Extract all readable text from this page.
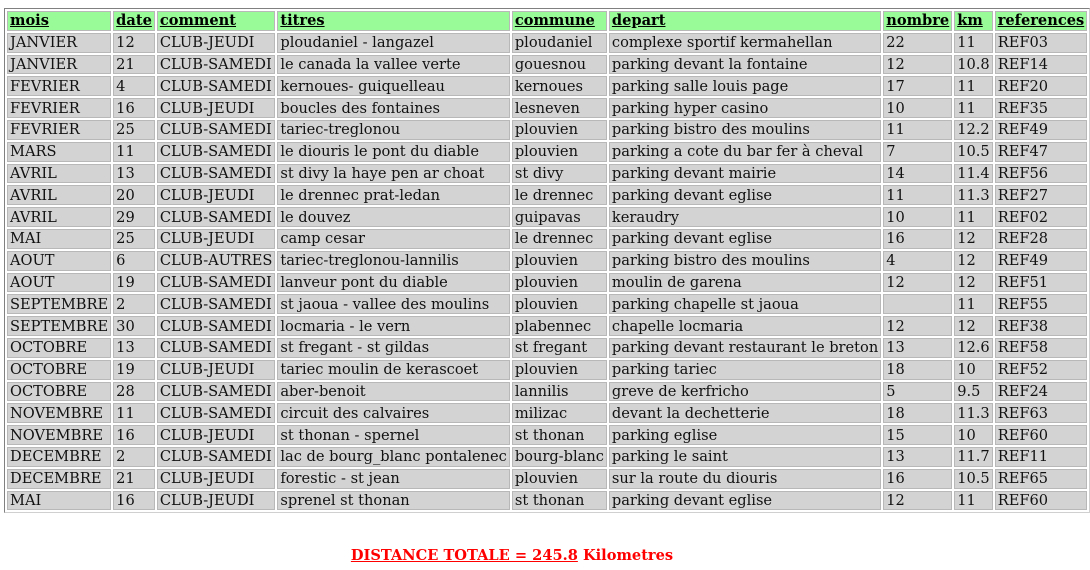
mois	date	comment	titres	commune	depart	nombre	km	references
JANVIER	12	CLUB-JEUDI	ploudaniel - langazel	ploudaniel	complexe sportif kermahellan	22	11	REF03
JANVIER	21	CLUB-SAMEDI	le canada la vallee verte	gouesnou	parking devant la fontaine	12	10.8	REF14
FEVRIER	4	CLUB-SAMEDI	kernoues- guiquelleau	kernoues	parking salle louis page	17	11	REF20
FEVRIER	16	CLUB-JEUDI	boucles des fontaines	lesneven	parking hyper casino	10	11	REF35
FEVRIER	25	CLUB-SAMEDI	tariec-treglonou	plouvien	parking bistro des moulins	11	12.2	REF49
MARS	11	CLUB-SAMEDI	le diouris le pont du diable	plouvien	parking a cote du bar fer à cheval	7	10.5	REF47
AVRIL	13	CLUB-SAMEDI	st divy la haye pen ar choat	st divy	parking devant mairie	14	11.4	REF56
AVRIL	20	CLUB-JEUDI	le drennec prat-ledan	le drennec	parking devant eglise	11	11.3	REF27
AVRIL	29	CLUB-SAMEDI	le douvez	guipavas	keraudry	10	11	REF02
MAI	25	CLUB-JEUDI	camp cesar	le drennec	parking devant eglise	16	12	REF28
AOUT	6	CLUB-AUTRES	tariec-treglonou-lannilis	plouvien	parking bistro des moulins	4	12	REF49
AOUT	19	CLUB-SAMEDI	lanveur pont du diable	plouvien	moulin de garena	12	12	REF51
SEPTEMBRE	2	CLUB-SAMEDI	st jaoua - vallee des moulins	plouvien	parking chapelle st jaoua		11	REF55
SEPTEMBRE	30	CLUB-SAMEDI	locmaria - le vern	plabennec	chapelle locmaria	12	12	REF38
OCTOBRE	13	CLUB-SAMEDI	st fregant - st gildas	st fregant	parking devant restaurant le breton	13	12.6	REF58
OCTOBRE	19	CLUB-JEUDI	tariec moulin de kerascoet	plouvien	parking tariec	18	10	REF52
OCTOBRE	28	CLUB-SAMEDI	aber-benoit	lannilis	greve de kerfricho	5	9.5	REF24
NOVEMBRE	11	CLUB-SAMEDI	circuit des calvaires	milizac	devant la dechetterie	18	11.3	REF63
NOVEMBRE	16	CLUB-JEUDI	st thonan - spernel	st thonan	parking eglise	15	10	REF60
DECEMBRE	2	CLUB-SAMEDI	lac de bourg_blanc pontalenec	bourg-blanc	parking le saint	13	11.7	REF11
DECEMBRE	21	CLUB-JEUDI	forestic - st jean	plouvien	sur la route du diouris	16	10.5	REF65
MAI	16	CLUB-JEUDI	sprenel st thonan	st thonan	parking devant eglise	12	11	REF60
DISTANCE TOTALE = 245.8 Kilometres
